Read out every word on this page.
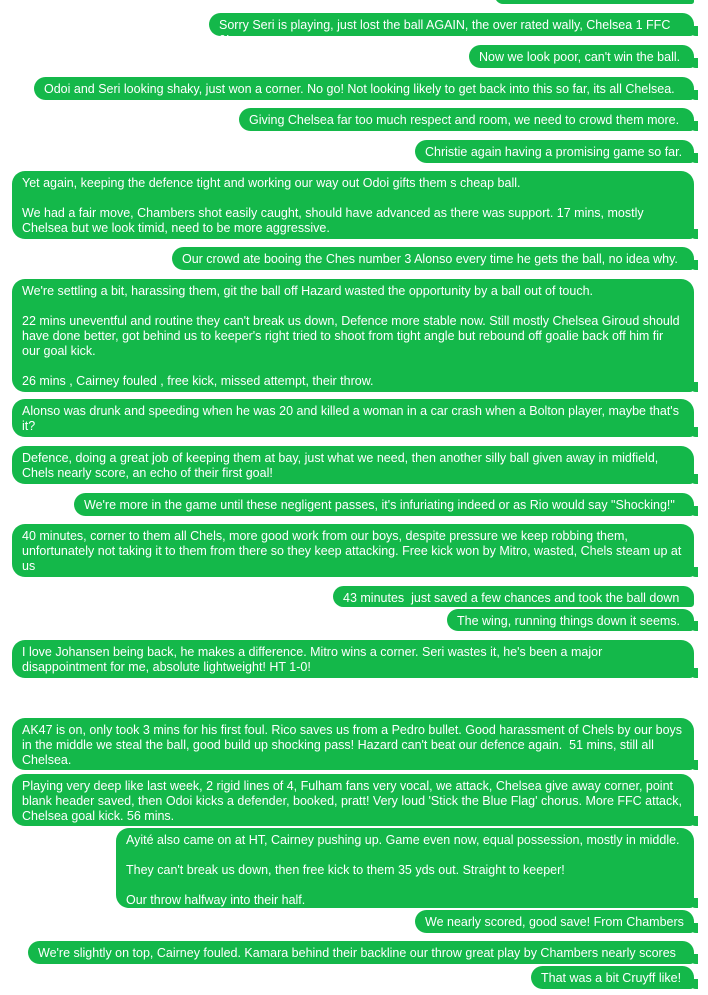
Sorry Seri is playing, just lost the ball AGAIN, the over rated wally, Chelsea 1 FFC 0!
Now we look poor, can't win the ball.
Odoi and Seri looking shaky, just won a corner. No go! Not looking likely to get back into this so far, its all Chelsea.
Giving Chelsea far too much respect and room, we need to crowd them more.
Christie again having a promising game so far.
Yet again, keeping the defence tight and working our way out Odoi gifts them s cheap ball.

We had a fair move, Chambers shot easily caught, should have advanced as there was support. 17 mins, mostly Chelsea but we look timid, need to be more aggressive.
Our crowd ate booing the Ches number 3 Alonso every time he gets the ball, no idea why.
We're settling a bit, harassing them, git the ball off Hazard wasted the opportunity by a ball out of touch.

22 mins uneventful and routine they can't break us down, Defence more stable now. Still mostly Chelsea Giroud should have done better, got behind us to keeper's right tried to shoot from tight angle but rebound off goalie back off him fir our goal kick.

26 mins , Cairney fouled , free kick, missed attempt, their throw.
Alonso was drunk and speeding when he was 20 and killed a woman in a car crash when a Bolton player, maybe that's it?
Defence, doing a great job of keeping them at bay, just what we need, then another silly ball given away in midfield, Chels nearly score, an echo of their first goal!
We're more in the game until these negligent passes, it's infuriating indeed or as Rio would say "Shocking!"
40 minutes, corner to them all Chels, more good work from our boys, despite pressure we keep robbing them, unfortunately not taking it to them from there so they keep attacking. Free kick won by Mitro, wasted, Chels steam up at us
43 minutes  just saved a few chances and took the ball down
The wing, running things down it seems.
I love Johansen being back, he makes a difference. Mitro wins a corner. Seri wastes it, he's been a major disappointment for me, absolute lightweight! HT 1-0!

AK47 is on, only took 3 mins for his first foul. Rico saves us from a Pedro bullet. Good harassment of Chels by our boys in the middle we steal the ball, good build up shocking pass! Hazard can't beat our defence again.  51 mins, still all Chelsea.
Playing very deep like last week, 2 rigid lines of 4, Fulham fans very vocal, we attack, Chelsea give away corner, point blank header saved, then Odoi kicks a defender, booked, pratt! Very loud 'Stick the Blue Flag' chorus. More FFC attack, Chelsea goal kick. 56 mins.
Ayité also came on at HT, Cairney pushing up. Game even now, equal possession, mostly in middle.

They can't break us down, then free kick to them 35 yds out. Straight to keeper!

Our throw halfway into their half.
We nearly scored, good save! From Chambers
We're slightly on top, Cairney fouled. Kamara behind their backline our throw great play by Chambers nearly scores
That was a bit Cruyff like!
